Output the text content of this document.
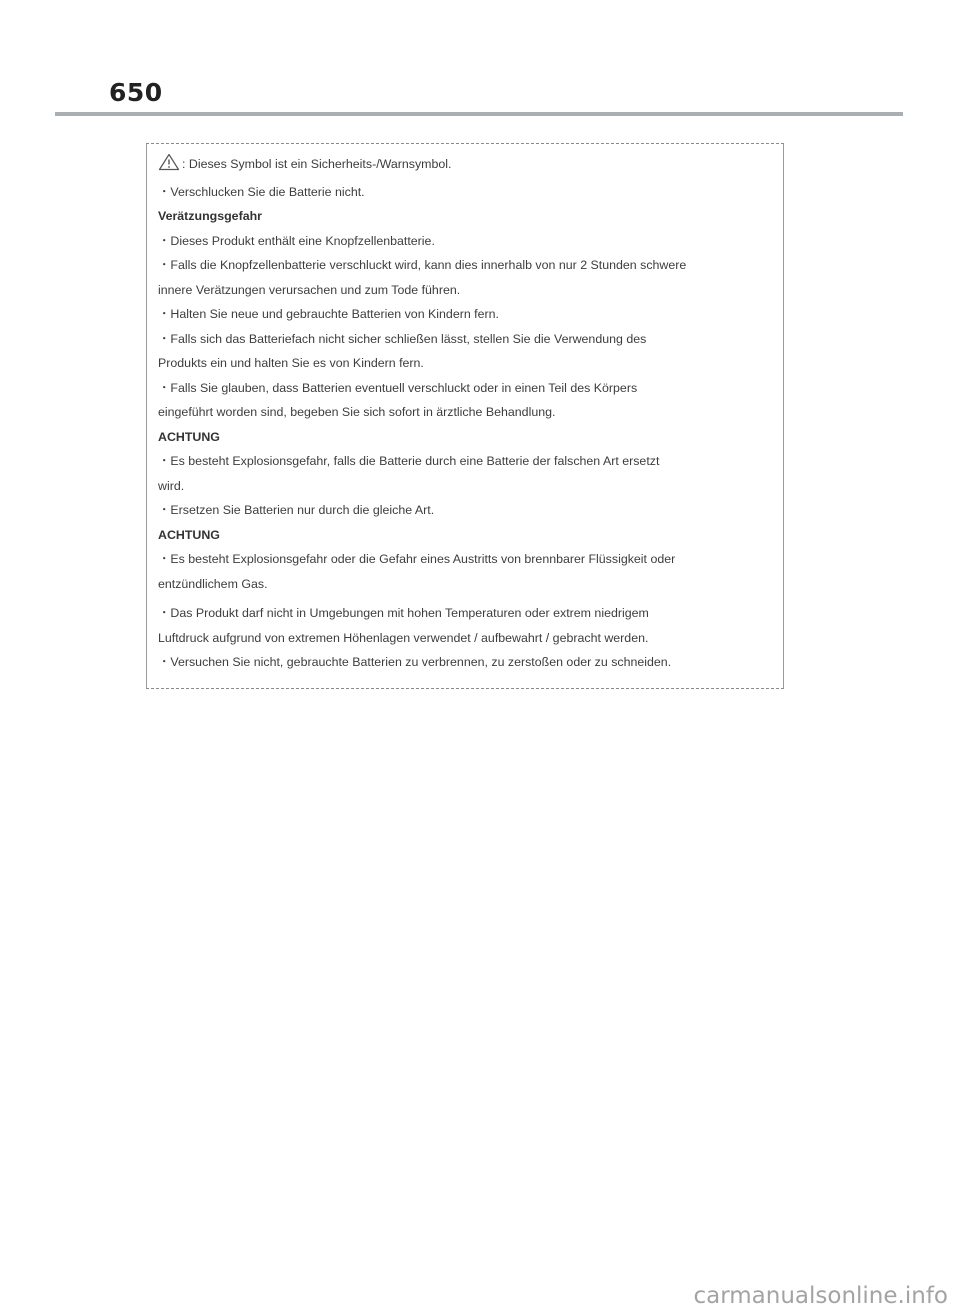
650
: Dieses Symbol ist ein Sicherheits-/Warnsymbol.
・Verschlucken Sie die Batterie nicht.
Verätzungsgefahr
・Dieses Produkt enthält eine Knopfzellenbatterie.
・Falls die Knopfzellenbatterie verschluckt wird, kann dies innerhalb von nur 2 Stunden schwere
innere Verätzungen verursachen und zum Tode führen.
・Halten Sie neue und gebrauchte Batterien von Kindern fern.
・Falls sich das Batteriefach nicht sicher schließen lässt, stellen Sie die Verwendung des
Produkts ein und halten Sie es von Kindern fern.
・Falls Sie glauben, dass Batterien eventuell verschluckt oder in einen Teil des Körpers
eingeführt worden sind, begeben Sie sich sofort in ärztliche Behandlung.
ACHTUNG
・Es besteht Explosionsgefahr, falls die Batterie durch eine Batterie der falschen Art ersetzt
wird.
・Ersetzen Sie Batterien nur durch die gleiche Art.
ACHTUNG
・Es besteht Explosionsgefahr oder die Gefahr eines Austritts von brennbarer Flüssigkeit oder
entzündlichem Gas.
・Das Produkt darf nicht in Umgebungen mit hohen Temperaturen oder extrem niedrigem
Luftdruck aufgrund von extremen Höhenlagen verwendet / aufbewahrt / gebracht werden.
・Versuchen Sie nicht, gebrauchte Batterien zu verbrennen, zu zerstoßen oder zu schneiden.
carmanualsonline.info
